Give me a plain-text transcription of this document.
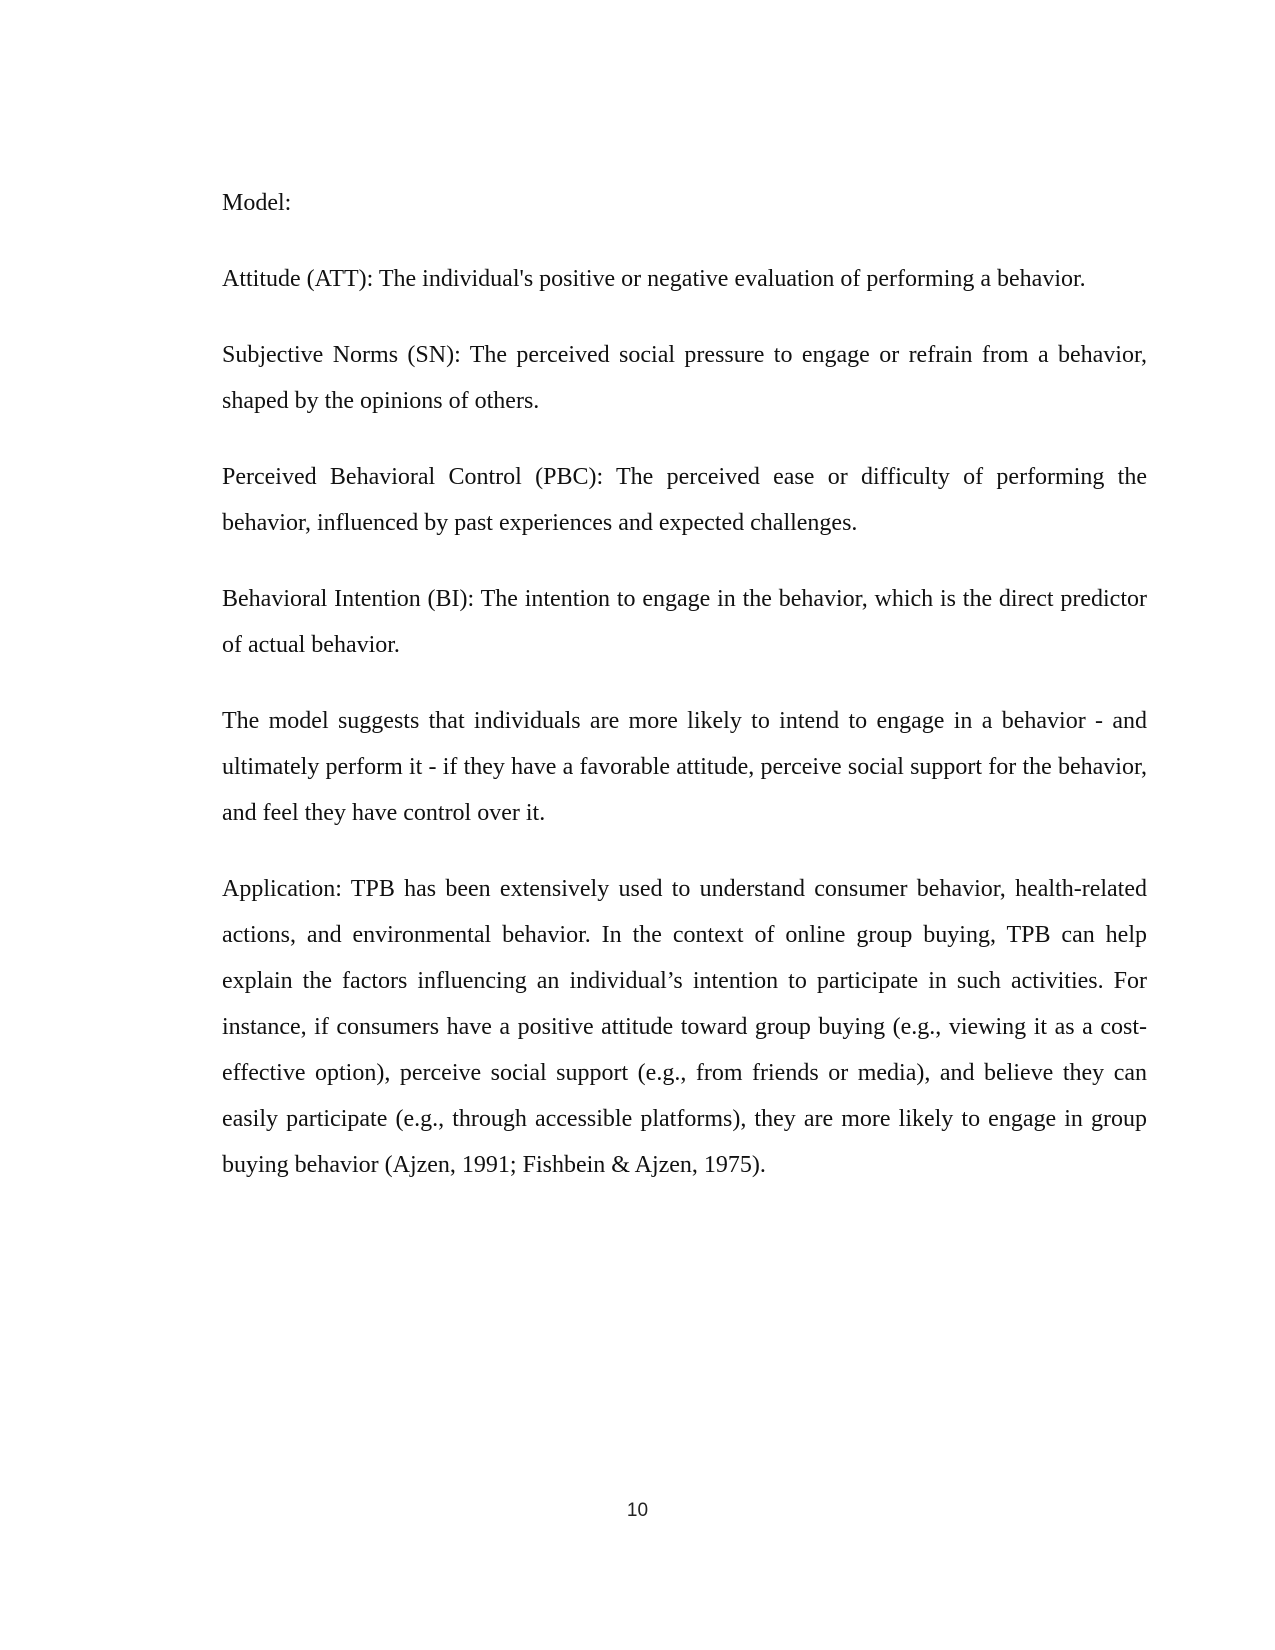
Model:

Attitude (ATT): The individual's positive or negative evaluation of performing a behavior.

Subjective Norms (SN): The perceived social pressure to engage or refrain from a behavior, shaped by the opinions of others.

Perceived Behavioral Control (PBC): The perceived ease or difficulty of performing the behavior, influenced by past experiences and expected challenges.

Behavioral Intention (BI): The intention to engage in the behavior, which is the direct predictor of actual behavior.

The model suggests that individuals are more likely to intend to engage in a behavior - and ultimately perform it - if they have a favorable attitude, perceive social support for the behavior, and feel they have control over it.

Application: TPB has been extensively used to understand consumer behavior, health-related actions, and environmental behavior. In the context of online group buying, TPB can help explain the factors influencing an individual’s intention to participate in such activities. For instance, if consumers have a positive attitude toward group buying (e.g., viewing it as a cost-effective option), perceive social support (e.g., from friends or media), and believe they can easily participate (e.g., through accessible platforms), they are more likely to engage in group buying behavior (Ajzen, 1991; Fishbein & Ajzen, 1975).

10
